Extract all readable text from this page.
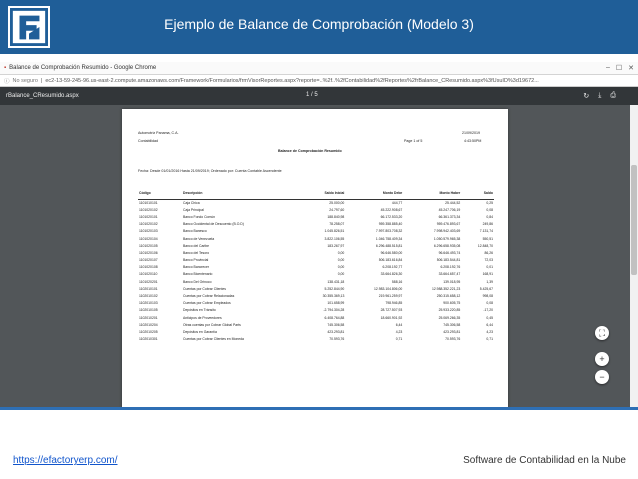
Ejemplo de Balance de Comprobación (Modelo 3)
▪ Balance de Comprobación Resumido - Google Chrome	– ☐ ✕
ⓘ No seguro | ec2-13-59-245-96.us-east-2.compute.amazonaws.com/Framework/Formularios/frmVisorReportes.aspx?reporte=..%2f..%2fContabilidad%2fReportes%2frBalance_CResumido.aspx%3fUsuID%3d19672...
rBalance_CResumido.aspx	1 / 5	↻ ⤓ ⎙
Automotriz Panama, C.A.
Contabilidad
21/09/2019
4:43:50PM
Page 1 of 5
Balance de Comprobación Resumido
Fecha: Desde 01/01/2016 Hasta 21/09/2019; Ordenado por: Cuenta Contable Ascendente
Código	Descripción	Saldo Inicial	Monto Debe	Monto Haber	Saldo
1101010101	Caja Chica	25.000,00	444,77	25.444,52	0,25
1101020102	Caja Principal	24.797,60	45.222.908,67	45.247.706,19	0,08
1101020101	Banco Fondo Común	188.840,98	66.172.533,20	66.361.373,34	0,84
1101020102	Banco Occidental de Descuento (B.O.D)	78.258,07	959.358.885,40	959.476.893,67	249,86
1101020103	Banco Banesco	1.045.826,51	7.997.803.708,32	7.998.942.403,69	7.131,74
1101020104	Banco de Venezuela	3.822.106,55	1.046.758.409,34	1.050.579.965,38	550,51
1101020105	Banco del Caribe	183.267,97	6.296.488.515,81	6.296.658.935,08	12.848,70
1101020106	Banco del Tesoro	0,00	96.646.580,00	96.646.493,74	86,26
1101020107	Banco Provincial	0,00	506.183.616,84	506.183.544,81	72,03
1101020108	Banco Bancrecer	0,00	6.208.192,77	6.208.192,76	0,01
1101020110	Banco Bicentenario	0,00	33.664.826,30	33.664.657,47	168,91
1101020201	Banco Del Orinoco	138.431,18	588,16	139.018,95	1,39
1102010101	Cuentas por Cobrar Clientes	5.252.844,90	12.983.104.806,00	12.988.352.221,23	5.425,67
1102010102	Cuentas por Cobrar Relacionadas	30.355.369,13	219.961.259,97	250.315.658,12	998,08
1102010103	Cuentas por Cobrar Empleados	101.658,99	798.946,85	900.605,75	0,08
1102010105	Depósitos en Tránsito	-2.794.304,28	28.727.507,93	25.933.220,85	-17,20
1102010201	Anticipos de Proveedores	6.408.764,88	18.660.901,92	25.069.266,35	0,45
1102010204	Otras cuentas por Cobrar Global Parts	745.306,58	6,44	745.306,58	6,44
1102010205	Depósitos en Garantía	423.293,81	4,23	423.293,81	4,23
1102010301	Cuentas por Cobrar Clientes en Moneda	70.593,76	0,71	70.593,76	0,71
⛶
+
−
https://efactoryerp.com/	Software de Contabilidad en la Nube
